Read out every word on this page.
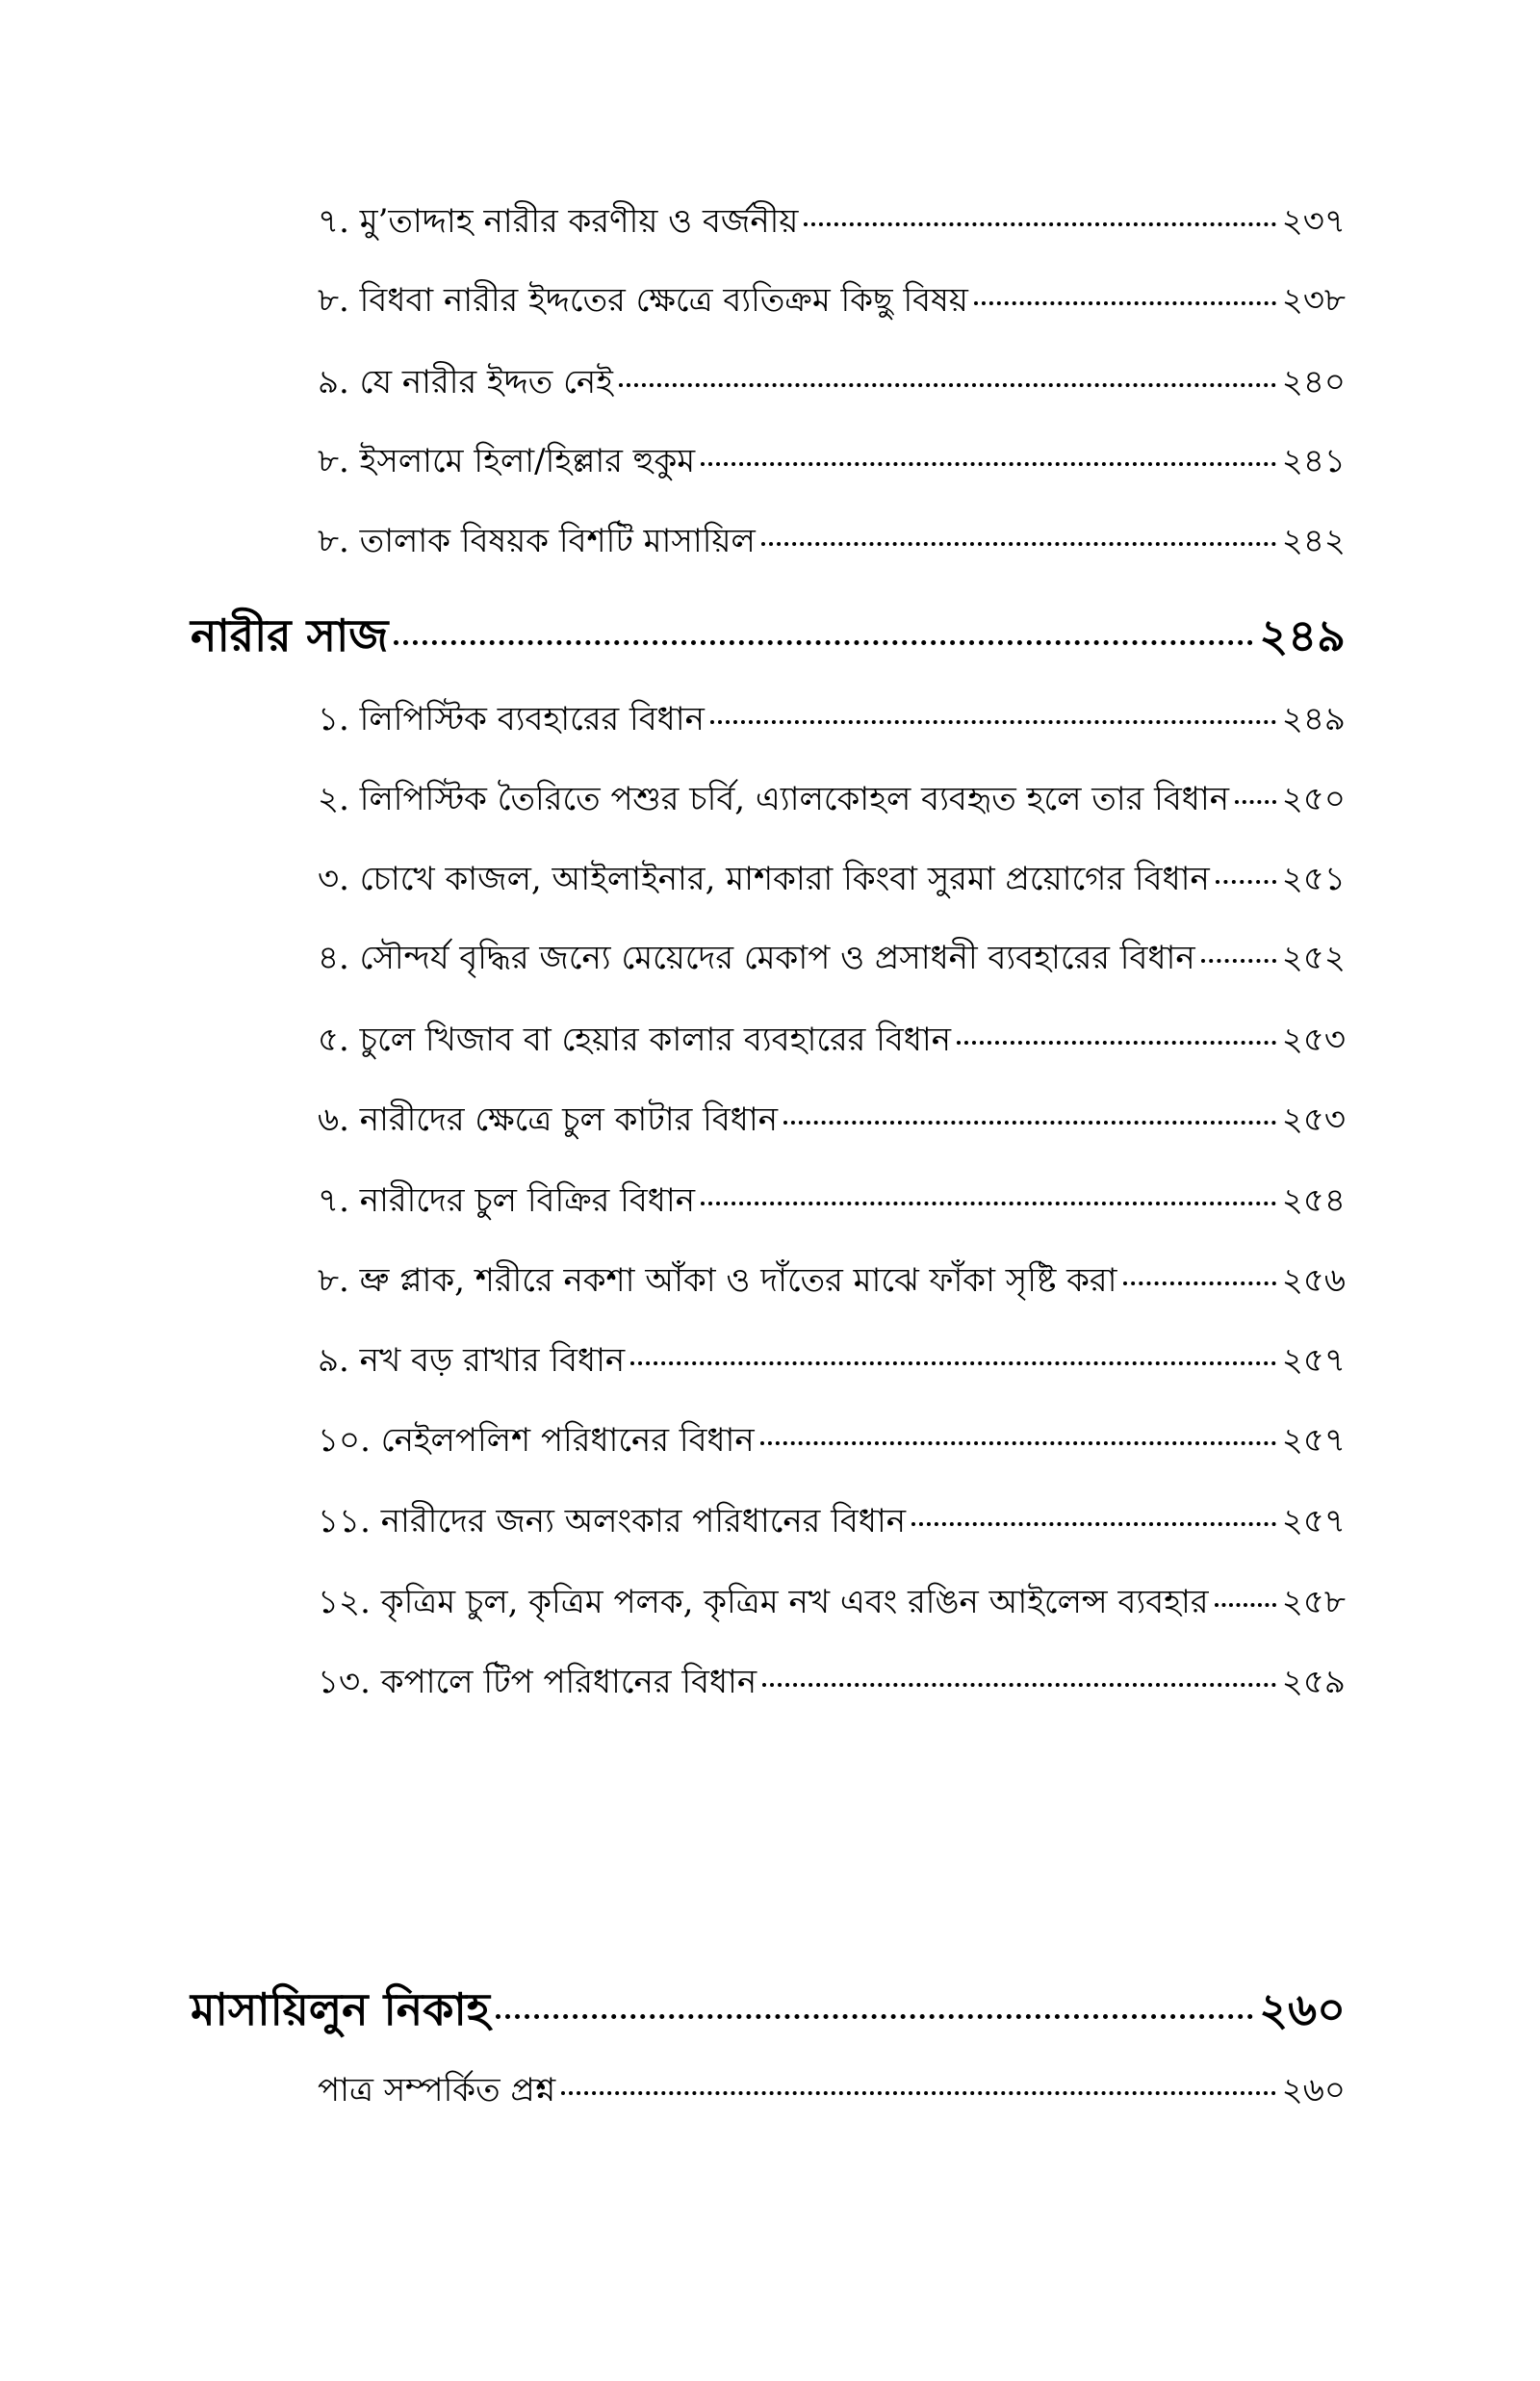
৭. মু’তাদ্দাহ নারীর করণীয় ও বর্জনীয়	২৩৭
৮. বিধবা নারীর ইদ্দতের ক্ষেত্রে ব্যতিক্রম কিছু বিষয়	২৩৮
৯. যে নারীর ইদ্দত নেই	২৪০
৮. ইসলামে হিলা/হিল্লার হুকুম	২৪১
৮. তালাক বিষয়ক বিশটি মাসায়িল	২৪২
নারীর সাজ	২৪৯
১. লিপিস্টিক ব্যবহারের বিধান	২৪৯
২. লিপিস্টিক তৈরিতে পশুর চর্বি, এ্যালকোহল ব্যবহৃত হলে তার বিধান ২৫০
৩. চোখে কাজল, আইলাইনার, মাশকারা কিংবা সুরমা প্রয়োগের বিধান ২৫১
৪. সৌন্দর্য বৃদ্ধির জন্যে মেয়েদের মেকাপ ও প্রসাধনী ব্যবহারের বিধান	২৫২
৫. চুলে খিজাব বা হেয়ার কালার ব্যবহারের বিধান	২৫৩
৬. নারীদের ক্ষেত্রে চুল কাটার বিধান	২৫৩
৭. নারীদের চুল বিক্রির বিধান	২৫৪
৮. ভ্রু প্লাক, শরীরে নকশা আঁকা ও দাঁতের মাঝে ফাঁকা সৃষ্টি করা	২৫৬
৯. নখ বড় রাখার বিধান	২৫৭
১০. নেইলপলিশ পরিধানের বিধান	২৫৭
১১. নারীদের জন্য অলংকার পরিধানের বিধান	২৫৭
১২. কৃত্রিম চুল, কৃত্রিম পলক, কৃত্রিম নখ এবং রঙিন আইলেন্স ব্যবহার ২৫৮
১৩. কপালে টিপ পরিধানের বিধান	২৫৯
মাসায়িলুন নিকাহ	২৬০
পাত্র সম্পর্কিত প্রশ্ন	২৬০
